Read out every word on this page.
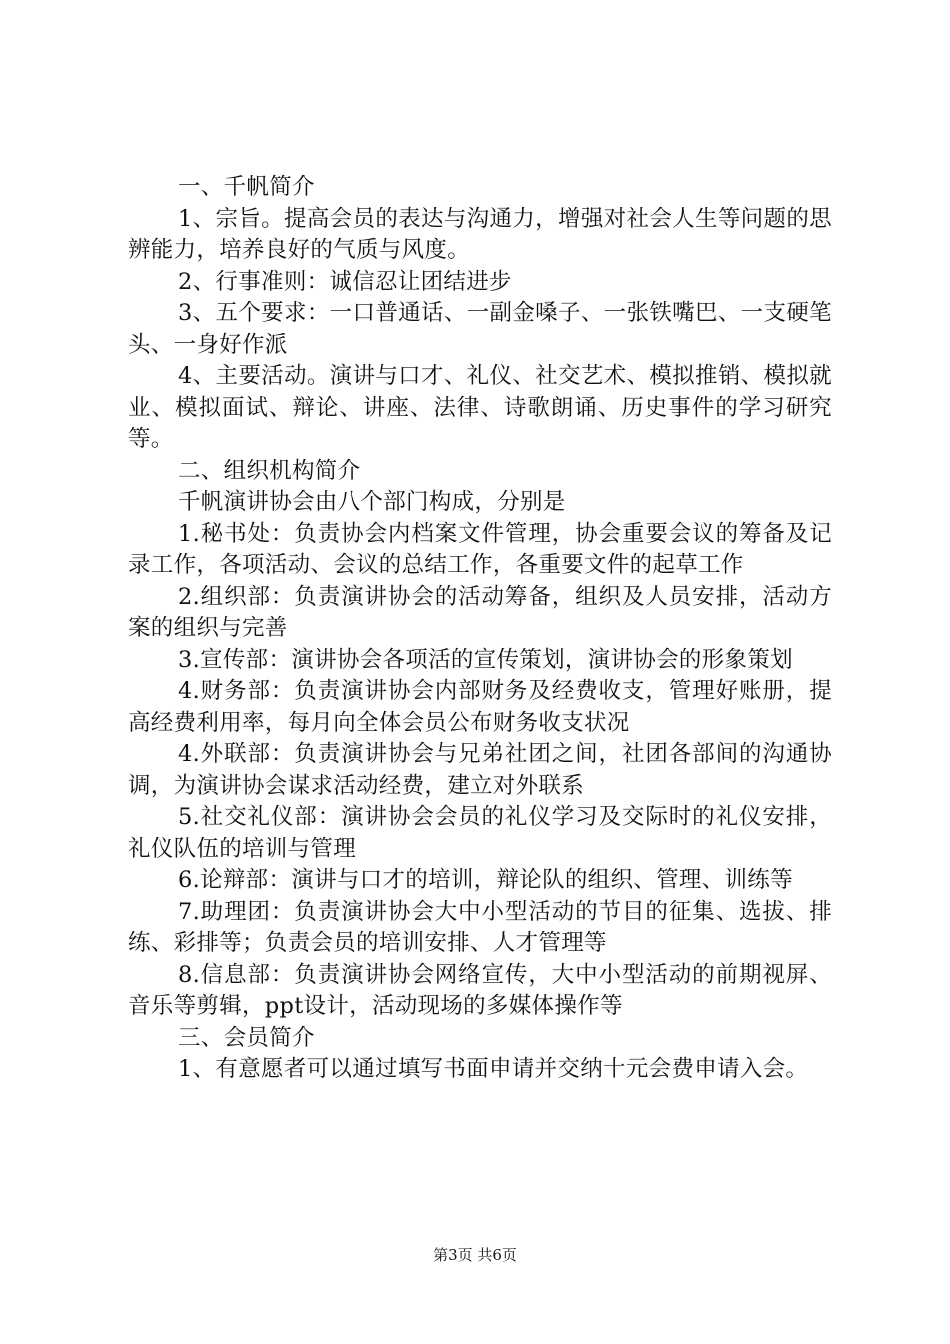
一、千帆简介

1、宗旨。提高会员的表达与沟通力，增强对社会人生等问题的思辨能力，培养良好的气质与风度。

2、行事准则：诚信忍让团结进步

3、五个要求：一口普通话、一副金嗓子、一张铁嘴巴、一支硬笔头、一身好作派

4、主要活动。演讲与口才、礼仪、社交艺术、模拟推销、模拟就业、模拟面试、辩论、讲座、法律、诗歌朗诵、历史事件的学习研究等。

二、组织机构简介

千帆演讲协会由八个部门构成，分别是

1.秘书处：负责协会内档案文件管理，协会重要会议的筹备及记录工作，各项活动、会议的总结工作，各重要文件的起草工作

2.组织部：负责演讲协会的活动筹备，组织及人员安排，活动方案的组织与完善

3.宣传部：演讲协会各项活的宣传策划，演讲协会的形象策划

4.财务部：负责演讲协会内部财务及经费收支，管理好账册，提高经费利用率，每月向全体会员公布财务收支状况

4.外联部：负责演讲协会与兄弟社团之间，社团各部间的沟通协调，为演讲协会谋求活动经费，建立对外联系

5.社交礼仪部：演讲协会会员的礼仪学习及交际时的礼仪安排，礼仪队伍的培训与管理

6.论辩部：演讲与口才的培训，辩论队的组织、管理、训练等

7.助理团：负责演讲协会大中小型活动的节目的征集、选拔、排练、彩排等；负责会员的培训安排、人才管理等

8.信息部：负责演讲协会网络宣传，大中小型活动的前期视屏、音乐等剪辑，ppt设计，活动现场的多媒体操作等

三、会员简介

1、有意愿者可以通过填写书面申请并交纳十元会费申请入会。

第3页 共6页
